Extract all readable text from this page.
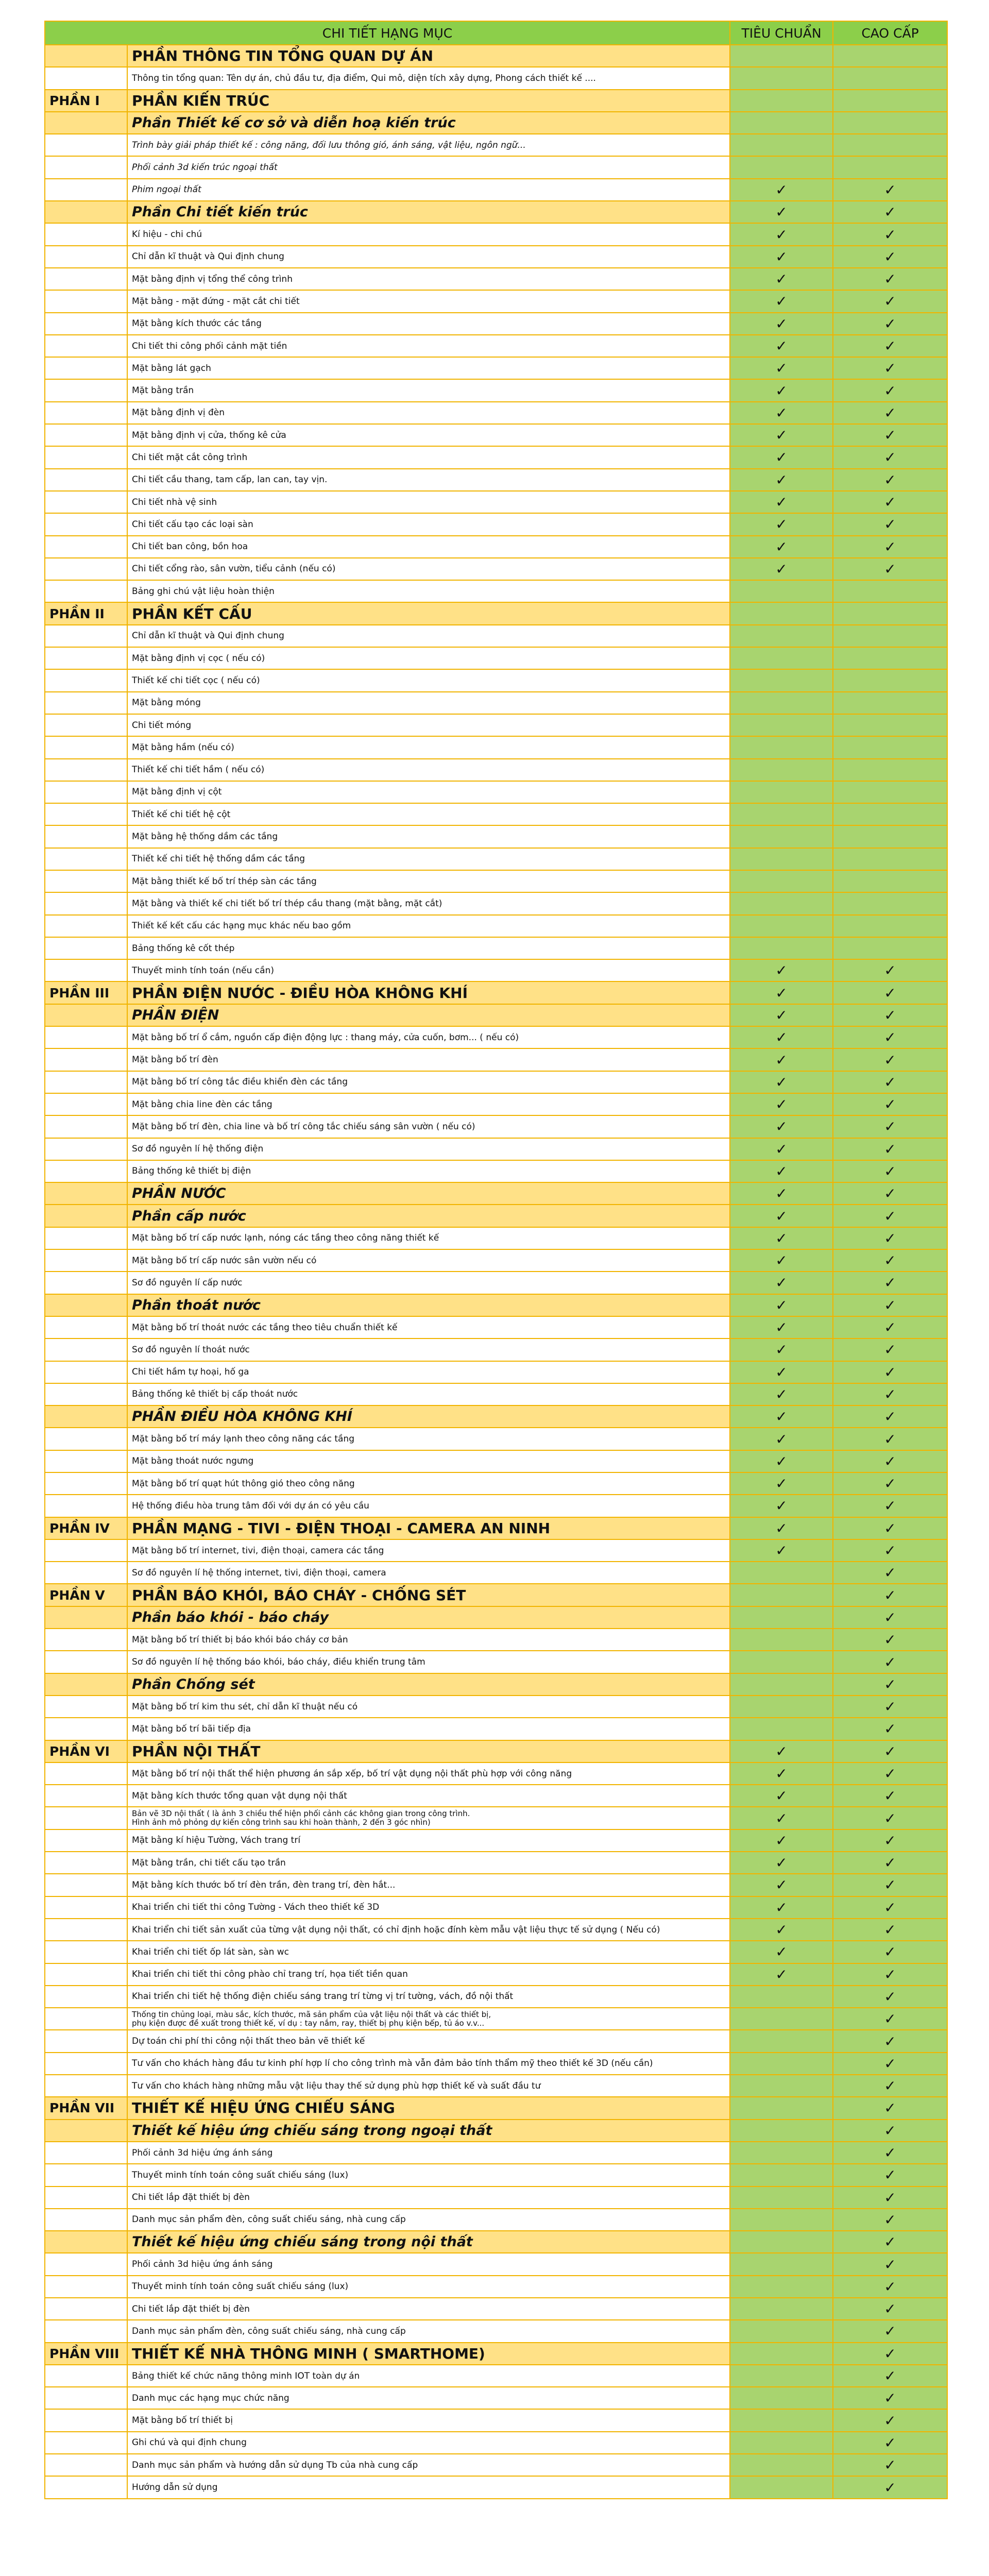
CHI TIẾT HẠNG MỤC		TIÊU CHUẨN	CAO CẤP
	PHẦN THÔNG TIN TỔNG QUAN DỰ ÁN		
	Thông tin tổng quan: Tên dự án, chủ đầu tư, địa điểm, Qui mô, diện tích xây dựng, Phong cách thiết kế ....		
PHẦN I	PHẦN KIẾN TRÚC		
	Phần Thiết kế cơ sở và diễn hoạ kiến trúc		
	Trình bày giải pháp thiết kế : công năng, đối lưu thông gió, ánh sáng, vật liệu, ngôn ngữ...		
	Phối cảnh 3d kiến trúc ngoại thất		
	Phim ngoại thất	✓	✓
	Phần Chi tiết kiến trúc	✓	✓
	Kí hiệu - chi chú	✓	✓
	Chỉ dẫn kĩ thuật và Qui định chung	✓	✓
	Mặt bằng định vị tổng thể công trình	✓	✓
	Mặt bằng - mặt đứng - mặt cắt chi tiết	✓	✓
	Mặt bằng kích thước các tầng	✓	✓
	Chi tiết thi công phối cảnh mặt tiền	✓	✓
	Mặt bằng lát gạch	✓	✓
	Mặt bằng trần	✓	✓
	Mặt bằng định vị đèn	✓	✓
	Mặt bằng định vị cửa, thống kê cửa	✓	✓
	Chi tiết mặt cắt công trình	✓	✓
	Chi tiết cầu thang, tam cấp, lan can, tay vịn.	✓	✓
	Chi tiết nhà vệ sinh	✓	✓
	Chi tiết cấu tạo các loại sàn	✓	✓
	Chi tiết ban công, bồn hoa	✓	✓
	Chi tiết cổng rào, sân vườn, tiểu cảnh (nếu có)	✓	✓
	Bảng ghi chú vật liệu hoàn thiện		
PHẦN II	PHẦN KẾT CẤU		
	Chỉ dẫn kĩ thuật và Qui định chung		
	Mặt bằng định vị cọc ( nếu có)		
	Thiết kế chi tiết cọc ( nếu có)		
	Mặt bằng móng		
	Chi tiết móng		
	Mặt bằng hầm (nếu có)		
	Thiết kế chi tiết hầm ( nếu có)		
	Mặt bằng định vị cột		
	Thiết kế chi tiết hệ cột		
	Mặt bằng hệ thống dầm các tầng		
	Thiết kế chi tiết hệ thống dầm các tầng		
	Mặt bằng thiết kế bố trí thép sàn các tầng		
	Mặt bằng và thiết kế chi tiết bố trí thép cầu thang (mặt bằng, mặt cắt)		
	Thiết kế kết cấu các hạng mục khác nếu bao gồm		
	Bảng thống kê cốt thép		
	Thuyết minh tính toán (nếu cần)	✓	✓
PHẦN III	PHẦN ĐIỆN NƯỚC - ĐIỀU HÒA KHÔNG KHÍ	✓	✓
	PHẦN ĐIỆN	✓	✓
	Mặt bằng bố trí ổ cắm, nguồn cấp điện động lực : thang máy, cửa cuốn, bơm... ( nếu có)	✓	✓
	Mặt bằng bố trí đèn	✓	✓
	Mặt bằng bố trí công tắc điều khiển đèn các tầng	✓	✓
	Mặt bằng chia line đèn các tầng	✓	✓
	Mặt bằng bố trí đèn, chia line và bố trí công tắc chiếu sáng sân vườn ( nếu có)	✓	✓
	Sơ đồ nguyên lí hệ thống điện	✓	✓
	Bảng thống kê thiết bị điện	✓	✓
	PHẦN NƯỚC	✓	✓
	Phần cấp nước	✓	✓
	Mặt bằng bố trí cấp nước lạnh, nóng các tầng theo công năng thiết kế	✓	✓
	Mặt bằng bố trí cấp nước sân vườn nếu có	✓	✓
	Sơ đồ nguyên lí cấp nước	✓	✓
	Phần thoát nước	✓	✓
	Mặt bằng bố trí thoát nước các tầng theo tiêu chuẩn thiết kế	✓	✓
	Sơ đồ nguyên lí thoát nước	✓	✓
	Chi tiết hầm tự hoại, hố ga	✓	✓
	Bảng thống kê thiết bị cấp thoát nước	✓	✓
	PHẦN ĐIỀU HÒA KHÔNG KHÍ	✓	✓
	Mặt bằng bố trí máy lạnh theo công năng các tầng	✓	✓
	Mặt bằng thoát nước ngưng	✓	✓
	Mặt bằng bố trí quạt hút thông gió theo công năng	✓	✓
	Hệ thống điều hòa trung tâm đối với dự án có yêu cầu	✓	✓
PHẦN IV	PHẦN MẠNG - TIVI - ĐIỆN THOẠI - CAMERA AN NINH	✓	✓
	Mặt bằng bố trí internet, tivi, điện thoại, camera các tầng	✓	✓
	Sơ đồ nguyên lí hệ thống internet, tivi, điện thoại, camera		✓
PHẦN V	PHẦN BÁO KHÓI, BÁO CHÁY - CHỐNG SÉT		✓
	Phần báo khói - báo cháy		✓
	Mặt bằng bố trí thiết bị báo khói báo cháy cơ bản		✓
	Sơ đồ nguyên lí hệ thống báo khói, báo cháy, điều khiển trung tâm		✓
	Phần Chống sét		✓
	Mặt bằng bố trí kim thu sét, chỉ dẫn kĩ thuật nếu có		✓
	Mặt bằng bố trí bãi tiếp địa		✓
PHẦN VI	PHẦN NỘI THẤT	✓	✓
	Mặt bằng bố trí nội thất thể hiện phương án sắp xếp, bố trí vật dụng nội thất phù hợp với công năng	✓	✓
	Mặt bằng kích thước tổng quan vật dụng nội thất	✓	✓
	Bản vẽ 3D nội thất ( là ảnh 3 chiều thể hiện phối cảnh các không gian trong công trình.
Hình ảnh mô phỏng dự kiến công trình sau khi hoàn thành, 2 đến 3 góc nhìn)	✓	✓
	Mặt bằng kí hiệu Tường, Vách trang trí	✓	✓
	Mặt bằng trần, chi tiết cấu tạo trần	✓	✓
	Mặt bằng kích thước bố trí đèn trần, đèn trang trí, đèn hắt...	✓	✓
	Khai triển chi tiết thi công Tường - Vách theo thiết kế 3D	✓	✓
	Khai triển chi tiết sản xuất của từng vật dụng nội thất, có chỉ định hoặc đính kèm mẫu vật liệu thực tế sử dụng ( Nếu có)	✓	✓
	Khai triển chi tiết ốp lát sàn, sàn wc	✓	✓
	Khai triển chi tiết thi công phào chỉ trang trí, họa tiết tiền quan	✓	✓
	Khai triển chi tiết hệ thống điện chiếu sáng trang trí từng vị trí tường, vách, đồ nội thất		✓
	Thống tin chủng loại, màu sắc, kích thước, mã sản phẩm của vật liệu nội thất và các thiết bị,
phụ kiện được đề xuất trong thiết kế, ví dụ : tay nắm, ray, thiết bị phụ kiện bếp, tủ áo v.v...		✓
	Dự toán chi phí thi công nội thất theo bản vẽ thiết kế		✓
	Tư vấn cho khách hàng đầu tư kinh phí hợp lí cho công trình mà vẫn đảm bảo tính thẩm mỹ theo thiết kế 3D (nếu cần)		✓
	Tư vấn cho khách hàng những mẫu vật liệu thay thế sử dụng phù hợp thiết kế và suất đầu tư		✓
PHẦN VII	THIẾT KẾ HIỆU ỨNG CHIẾU SÁNG		✓
	Thiết kế hiệu ứng chiếu sáng trong ngoại thất		✓
	Phối cảnh 3d hiệu ứng ánh sáng		✓
	Thuyết minh tính toán công suất chiếu sáng (lux)		✓
	Chi tiết lắp đặt thiết bị đèn		✓
	Danh mục sản phẩm đèn, công suất chiếu sáng, nhà cung cấp		✓
	Thiết kế hiệu ứng chiếu sáng trong nội thất		✓
	Phối cảnh 3d hiệu ứng ánh sáng		✓
	Thuyết minh tính toán công suất chiếu sáng (lux)		✓
	Chi tiết lắp đặt thiết bị đèn		✓
	Danh mục sản phẩm đèn, công suất chiếu sáng, nhà cung cấp		✓
PHẦN VIII	THIẾT KẾ NHÀ THÔNG MINH ( SMARTHOME)		✓
	Bảng thiết kế chức năng thông minh IOT toàn dự án		✓
	Danh mục các hạng mục chức năng		✓
	Mặt bằng bố trí thiết bị		✓
	Ghi chú và qui định chung		✓
	Danh mục sản phẩm và hướng dẫn sử dụng Tb của nhà cung cấp		✓
	Hướng dẫn sử dụng		✓
